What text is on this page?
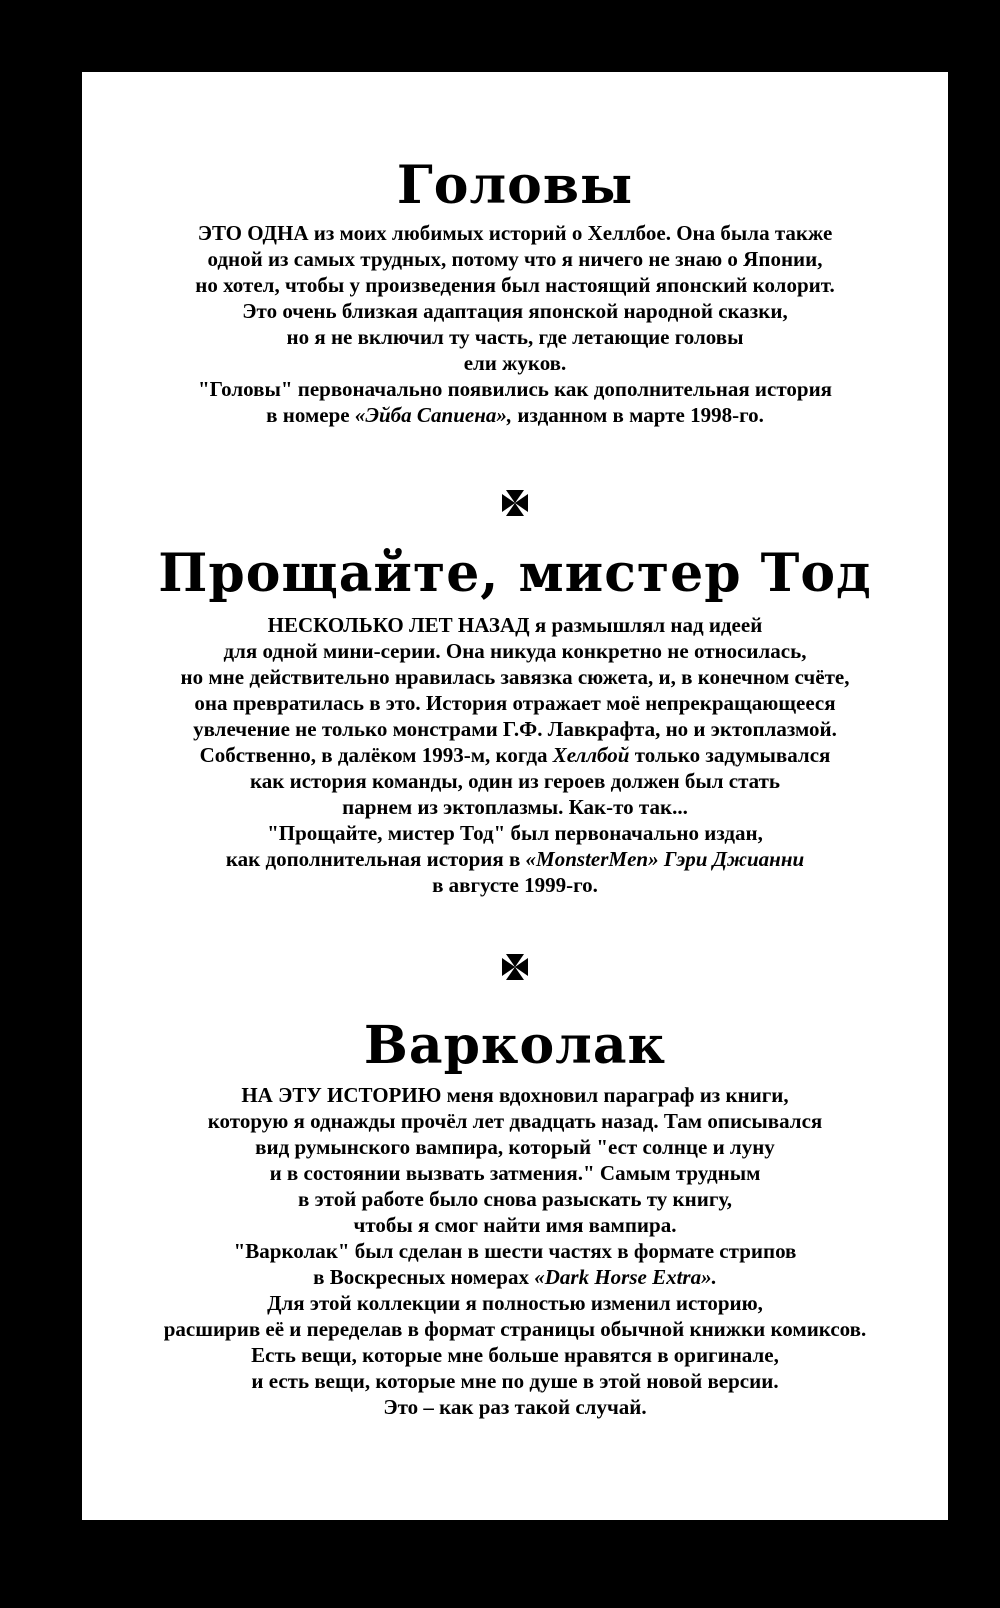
Головы
ЭТО ОДНА из моих любимых историй о Хеллбое. Она была также
одной из самых трудных, потому что я ничего не знаю о Японии,
но хотел, чтобы у произведения был настоящий японский колорит.
Это очень близкая адаптация японской народной сказки,
но я не включил ту часть, где летающие головы
ели жуков.
"Головы" первоначально появились как дополнительная история
в номере «Эйба Сапиена», изданном в марте 1998-го.
Прощайте, мистер Тод
НЕСКОЛЬКО ЛЕТ НАЗАД я размышлял над идеей
для одной мини-серии. Она никуда конкретно не относилась,
но мне действительно нравилась завязка сюжета, и, в конечном счёте,
она превратилась в это. История отражает моё непрекращающееся
увлечение не только монстрами Г.Ф. Лавкрафта, но и эктоплазмой.
Собственно, в далёком 1993-м, когда Хеллбой только задумывался
как история команды, один из героев должен был стать
парнем из эктоплазмы. Как-то так...
"Прощайте, мистер Тод" был первоначально издан,
как дополнительная история в «MonsterMen» Гэри Джианни
в августе 1999-го.
Варколак
НА ЭТУ ИСТОРИЮ меня вдохновил параграф из книги,
которую я однажды прочёл лет двадцать назад. Там описывался
вид румынского вампира, который "ест солнце и луну
и в состоянии вызвать затмения." Самым трудным
в этой работе было снова разыскать ту книгу,
чтобы я смог найти имя вампира.
"Варколак" был сделан в шести частях в формате стрипов
в Воскресных номерах «Dark Horse Extra».
Для этой коллекции я полностью изменил историю,
расширив её и переделав в формат страницы обычной книжки комиксов.
Есть вещи, которые мне больше нравятся в оригинале,
и есть вещи, которые мне по душе в этой новой версии.
Это – как раз такой случай.
